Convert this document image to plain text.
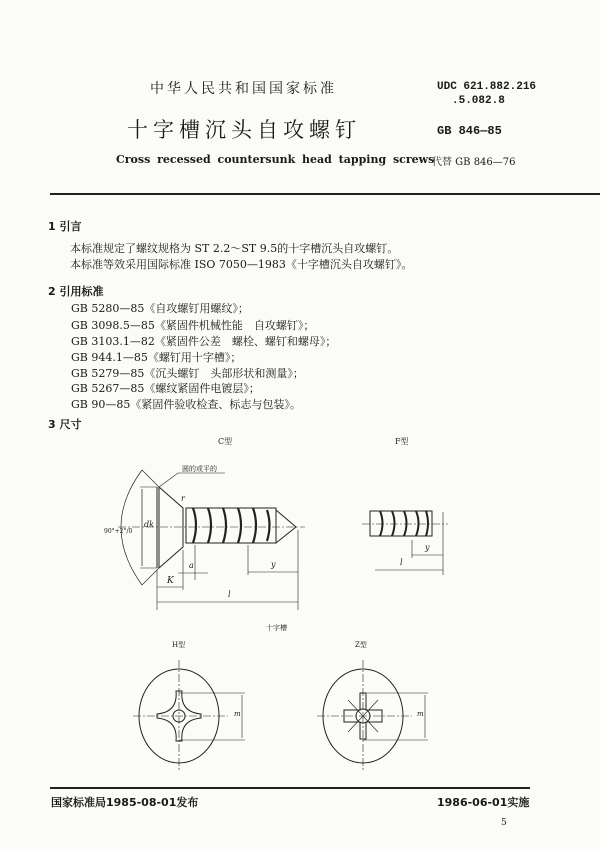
中华人民共和国国家标准	UDC 621.882.216
.5.082.8
十字槽沉头自攻螺钉	GB 846—85
Cross recessed countersunk head tapping screws
代替 GB 846—76
1 引言
本标准规定了螺纹规格为 ST 2.2～ST 9.5的十字槽沉头自攻螺钉。
本标准等效采用国际标准 ISO 7050—1983《十字槽沉头自攻螺钉》。
2 引用标准
GB 5280—85《自攻螺钉用螺纹》；
GB 3098.5—85《紧固件机械性能　自攻螺钉》；
GB 3103.1—82《紧固件公差　螺栓、螺钉和螺母》；
GB 944.1—85《螺钉用十字槽》；
GB 5279—85《沉头螺钉　头部形状和测量》；
GB 5267—85《螺纹紧固件电镀层》；
GB 90—85《紧固件验收检查、标志与包装》。
3 尺寸
C型	F型
圆的或平的
r
dk
90°+2°/0
a	y
K
l
y
l
十字槽
H型	Z型
m	m
国家标准局1985-08-01发布	1986-06-01实施
5
